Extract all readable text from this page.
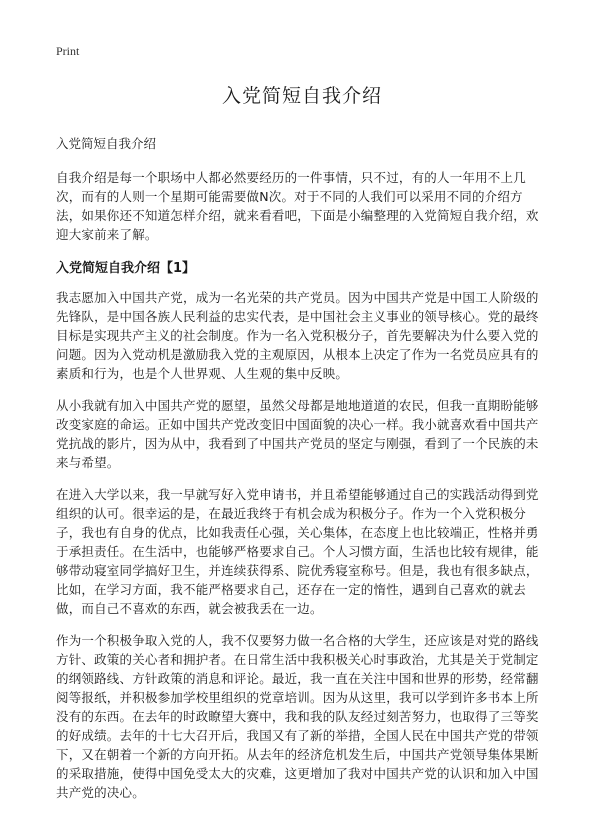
Print
入党简短自我介绍
入党简短自我介绍

自我介绍是每一个职场中人都必然要经历的一件事情，只不过，有的人一年用不上几次，而有的人则一个星期可能需要做N次。对于不同的人我们可以采用不同的介绍方法，如果你还不知道怎样介绍，就来看看吧，下面是小编整理的入党简短自我介绍，欢迎大家前来了解。

入党简短自我介绍【1】

我志愿加入中国共产党，成为一名光荣的共产党员。因为中国共产党是中国工人阶级的先锋队，是中国各族人民利益的忠实代表，是中国社会主义事业的领导核心。党的最终目标是实现共产主义的社会制度。作为一名入党积极分子，首先要解决为什么要入党的问题。因为入党动机是激励我入党的主观原因，从根本上决定了作为一名党员应具有的素质和行为，也是个人世界观、人生观的集中反映。

从小我就有加入中国共产党的愿望，虽然父母都是地地道道的农民，但我一直期盼能够改变家庭的命运。正如中国共产党改变旧中国面貌的决心一样。我小就喜欢看中国共产党抗战的影片，因为从中，我看到了中国共产党员的坚定与刚强，看到了一个民族的未来与希望。

在进入大学以来，我一早就写好入党申请书，并且希望能够通过自己的实践活动得到党组织的认可。很幸运的是，在最近我终于有机会成为积极分子。作为一个入党积极分子，我也有自身的优点，比如我责任心强，关心集体，在态度上也比较端正，性格并勇于承担责任。在生活中，也能够严格要求自己。个人习惯方面，生活也比较有规律，能够带动寝室同学搞好卫生，并连续获得系、院优秀寝室称号。但是，我也有很多缺点，比如，在学习方面，我不能严格要求自己，还存在一定的惰性，遇到自己喜欢的就去做，而自己不喜欢的东西，就会被我丢在一边。

作为一个积极争取入党的人，我不仅要努力做一名合格的大学生，还应该是对党的路线方针、政策的关心者和拥护者。在日常生活中我积极关心时事政治，尤其是关于党制定的纲领路线、方针政策的消息和评论。最近，我一直在关注中国和世界的形势，经常翻阅等报纸，并积极参加学校里组织的党章培训。因为从这里，我可以学到许多书本上所没有的东西。在去年的时政瞭望大赛中，我和我的队友经过刻苦努力，也取得了三等奖的好成绩。去年的十七大召开后，我国又有了新的举措，全国人民在中国共产党的带领下，又在朝着一个新的方向开拓。从去年的经济危机发生后，中国共产党领导集体果断的采取措施，使得中国免受太大的灾难，这更增加了我对中国共产党的认识和加入中国共产党的决心。
